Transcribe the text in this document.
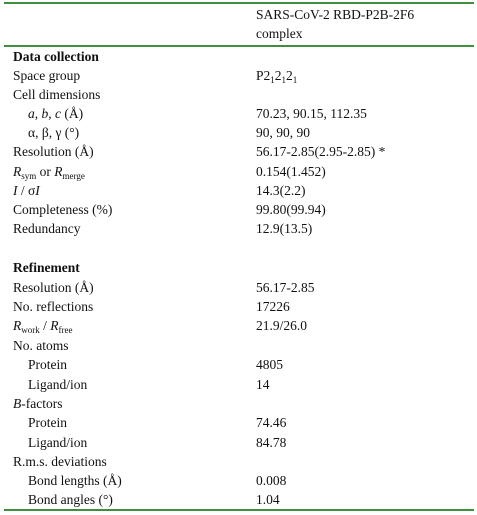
SARS-CoV-2 RBD-P2B-2F6
complex
Data collection
Space group	$P2_12_12_1$
Cell dimensions
a, b, c (Å)	70.23, 90.15, 112.35
α, β, γ (°)	90, 90, 90
Resolution (Å)	56.17-2.85(2.95-2.85) *
$R_{sym}$ or $R_{merge}$	0.154(1.452)
I / σI	14.3(2.2)
Completeness (%)	99.80(99.94)
Redundancy	12.9(13.5)
Refinement
Resolution (Å)	56.17-2.85
No. reflections	17226
$R_{work} / R_{free}$	21.9/26.0
No. atoms
Protein	4805
Ligand/ion	14
B-factors
Protein	74.46
Ligand/ion	84.78
R.m.s. deviations
Bond lengths (Å)	0.008
Bond angles (°)	1.04
